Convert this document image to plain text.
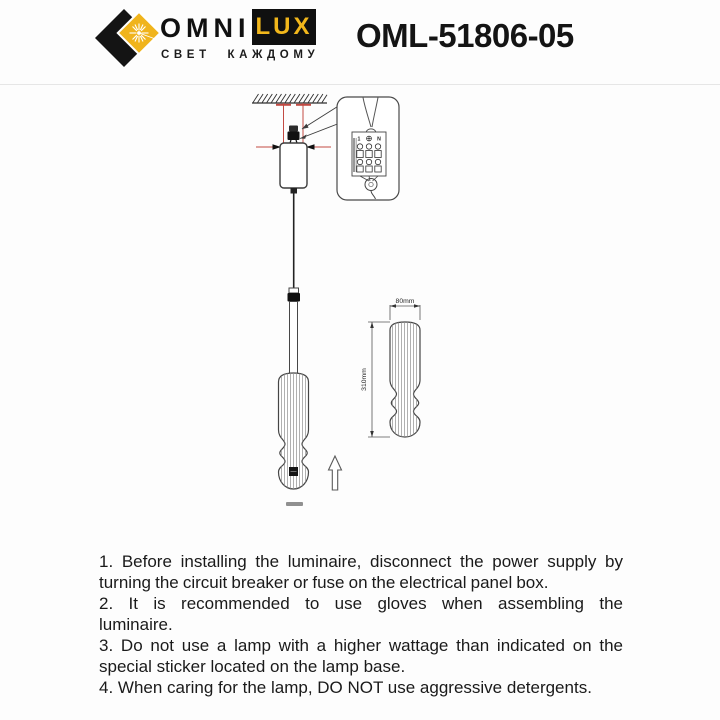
OMNI LUX
СВЕТ КАЖДОМУ
OML-51806-05
1	N
80mm
310mm

1. Before installing the luminaire, disconnect the power supply by turning the circuit breaker or fuse on the electrical panel box.

2. It is recommended to use gloves when assembling the luminaire.

3. Do not use a lamp with a higher wattage than indicated on the special sticker located on the lamp base.

4. When caring for the lamp, DO NOT use aggressive detergents.
